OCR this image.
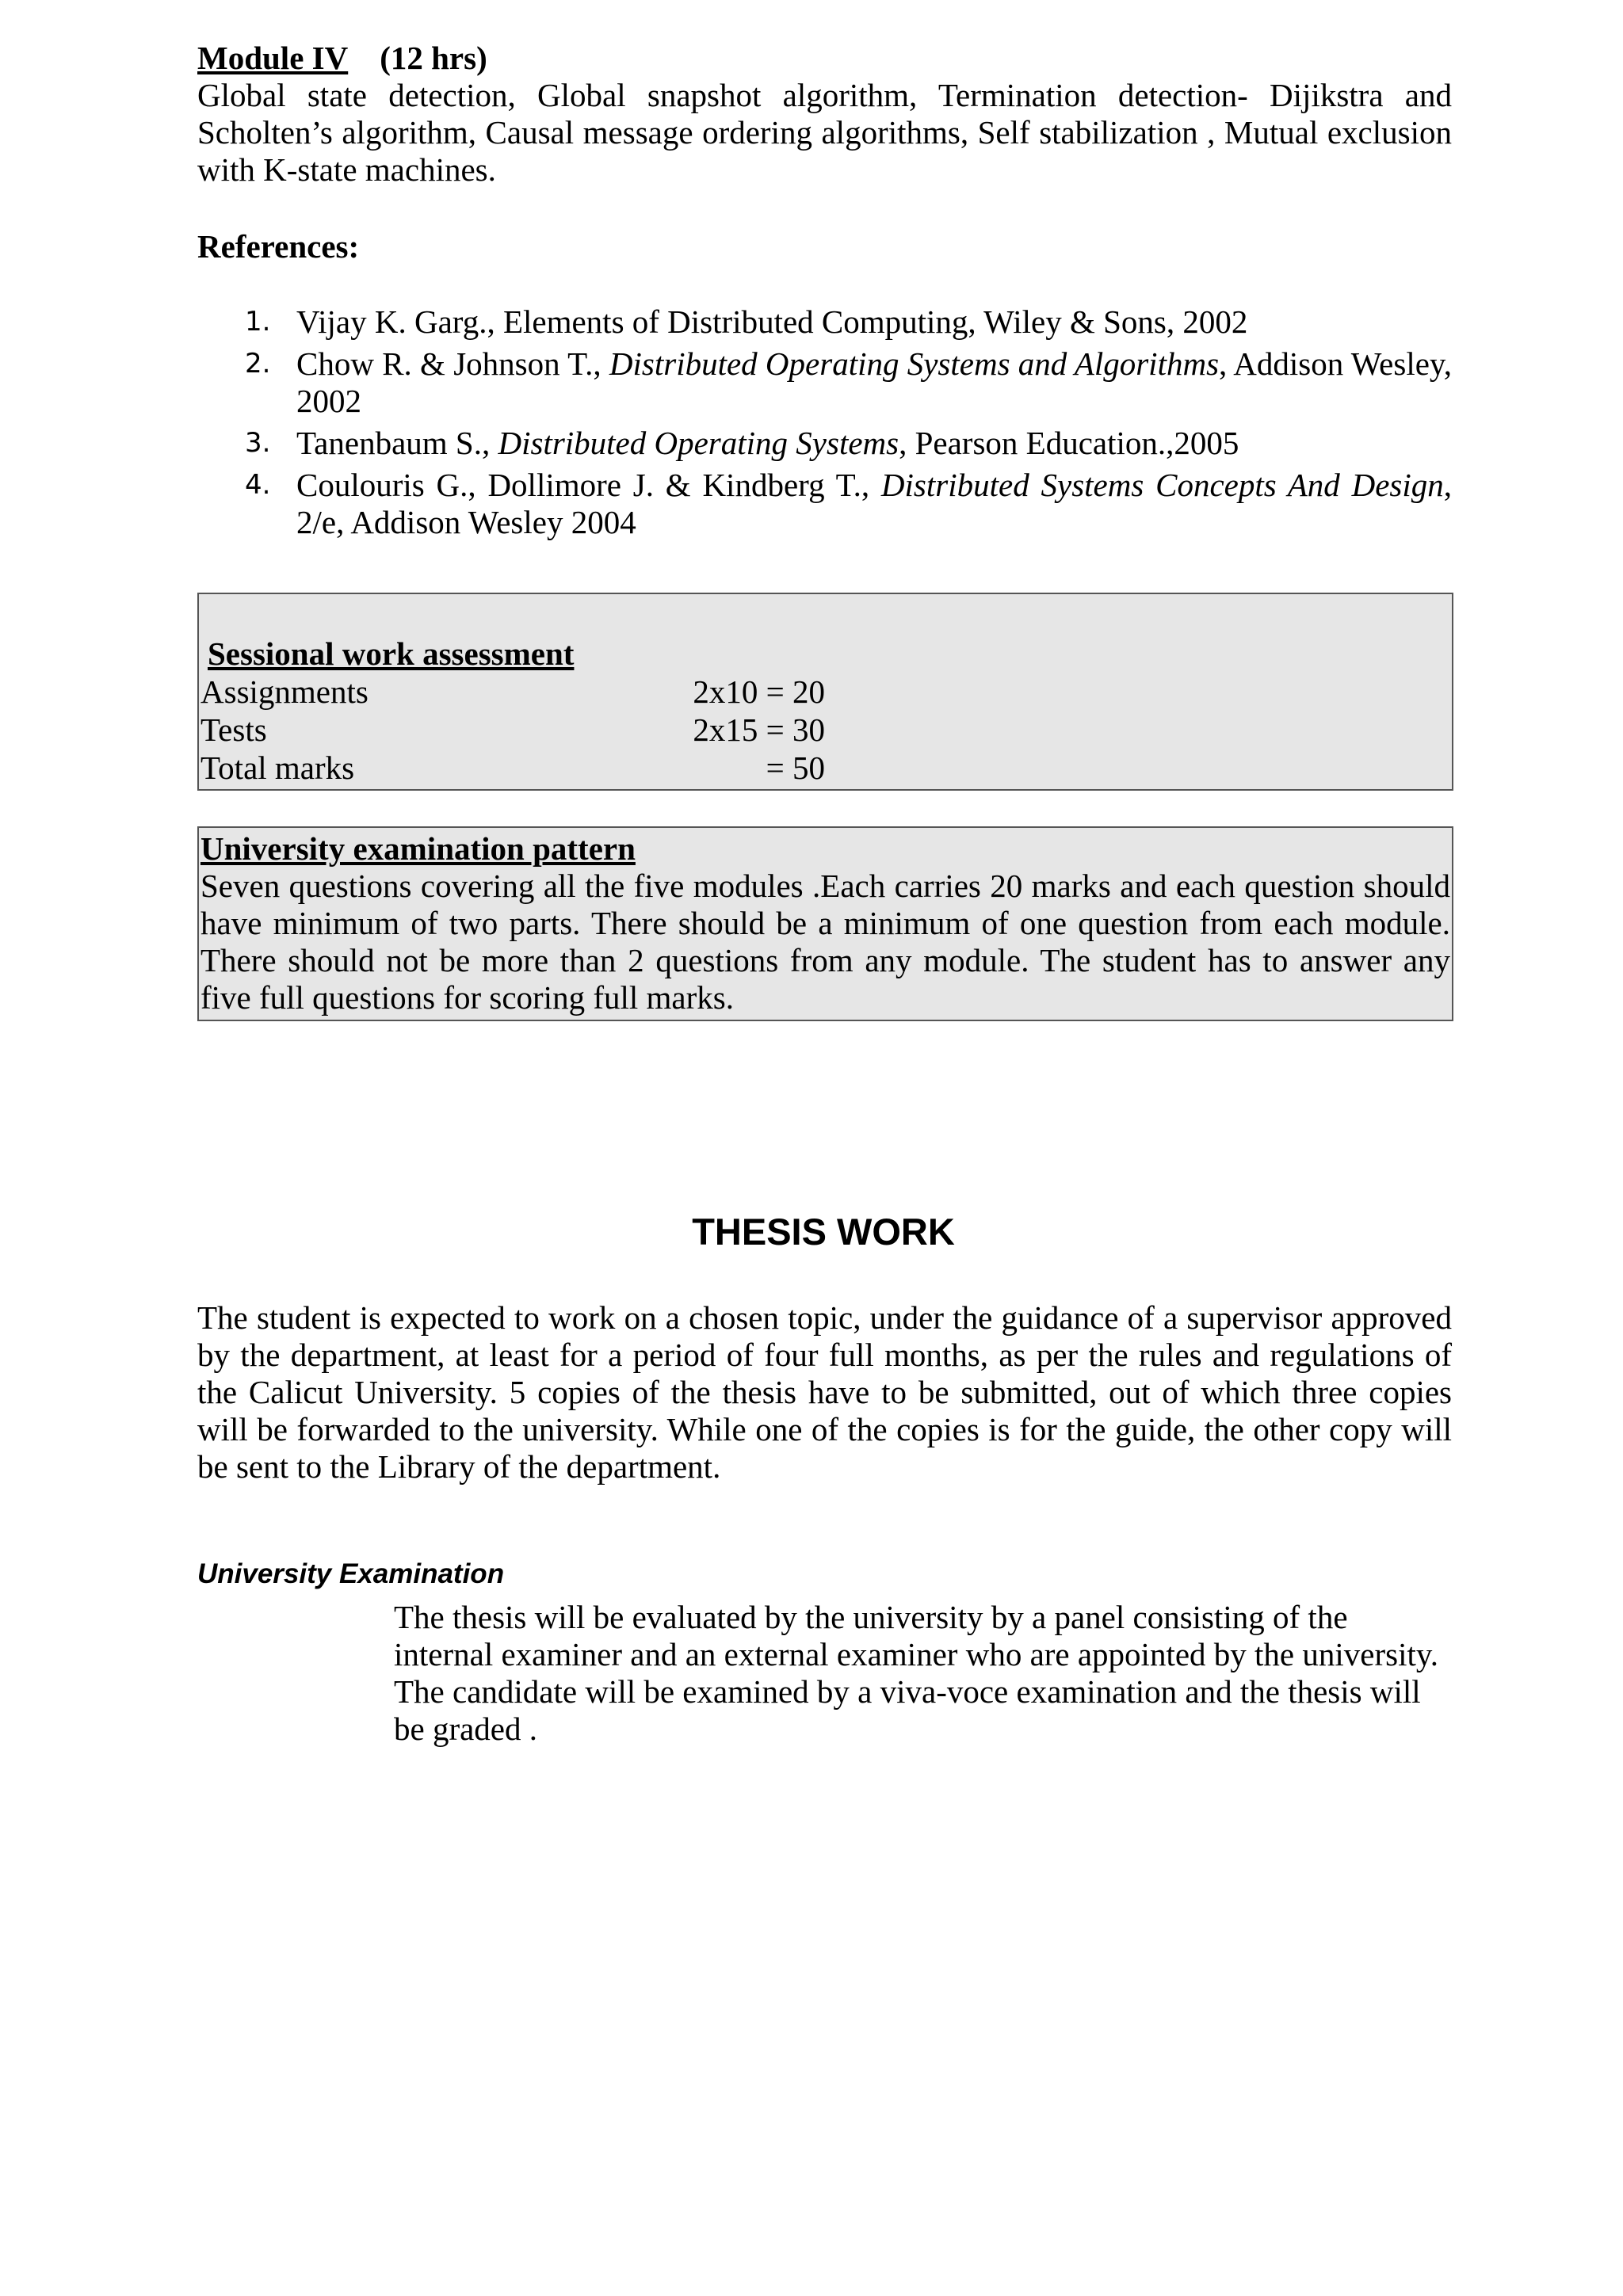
Module IV (12 hrs)

Global state detection, Global snapshot algorithm, Termination detection- Dijikstra and Scholten’s algorithm, Causal message ordering algorithms, Self stabilization , Mutual exclusion with K-state machines.

References:

1. Vijay K. Garg., Elements of Distributed Computing, Wiley & Sons, 2002
2. Chow R. & Johnson T., Distributed Operating Systems and Algorithms, Addison Wesley, 2002
3. Tanenbaum S., Distributed Operating Systems, Pearson Education.,2005
4. Coulouris G., Dollimore J. & Kindberg T., Distributed Systems Concepts And Design, 2/e, Addison Wesley 2004
Sessional work assessment
Assignments	2x10 = 20
Tests	2x15 = 30
Total marks	= 50

University examination pattern

Seven questions covering all the five modules .Each carries 20 marks and each question should have minimum of two parts. There should be a minimum of one question from each module. There should not be more than 2 questions from any module. The student has to answer any five full questions for scoring full marks.

THESIS WORK

The student is expected to work on a chosen topic, under the guidance of a supervisor approved by the department, at least for a period of four full months, as per the rules and regulations of the Calicut University. 5 copies of the thesis have to be submitted, out of which three copies will be forwarded to the university. While one of the copies is for the guide, the other copy will be sent to the Library of the department.

University Examination

The thesis will be evaluated by the university by a panel consisting of the
internal examiner and an external examiner who are appointed by the university.
The candidate will be examined by a viva-voce examination and the thesis will
be graded .
